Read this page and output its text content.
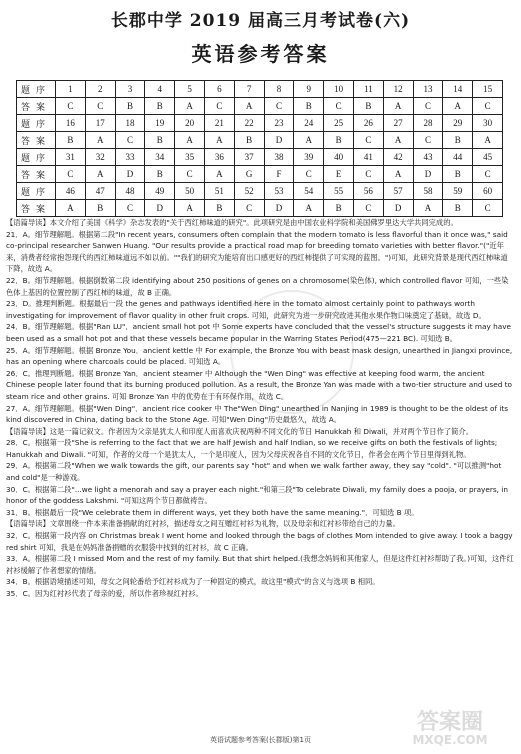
长郡中学 2019 届高三月考试卷(六)
英语参考答案
题序	1	2	3	4	5	6	7	8	9	10	11	12	13	14	15
答案	C	C	B	B	A	C	A	C	B	C	B	A	C	A	C
题序	16	17	18	19	20	21	22	23	24	25	26	27	28	29	30
答案	B	A	C	B	A	A	B	D	A	B	C	A	C	B	A
题序	31	32	33	34	35	36	37	38	39	40	41	42	43	44	45
答案	C	A	D	B	C	A	G	F	C	E	C	A	D	B	C
题序	46	47	48	49	50	51	52	53	54	55	56	57	58	59	60
答案	A	B	C	D	A	B	C	D	A	B	C	D	A	B	C

【语篇导读】本文介绍了美国《科学》杂志发表的"关于西红柿味道的研究"。此项研究是由中国农业科学院和美国佛罗里达大学共同完成的。

21．A。细节理解题。根据第二段"In recent years, consumers often complain that the modern tomato is less flavorful than it once was," said co-principal researcher Sanwen Huang. "Our results provide a practical road map for breeding tomato varieties with better flavor."("近年来，消费者经常抱怨现代的西红柿味道远不如以前。""我们的研究为能培育出口感更好的西红柿提供了可实现的蓝图。")可知，此研究背景是现代西红柿味道下降，故选 A。

22．B。细节理解题。根据倒数第二段 identifying about 250 positions of genes on a chromosome(染色体), which controlled flavor 可知，一些染色体上基因的位置控制了西红柿的味道，故 B 正确。

23．D。推理判断题。根据最后一段 the genes and pathways identified here in the tomato almost certainly point to pathways worth investigating for improvement of flavor quality in other fruit crops. 可知，此研究为进一步研究改进其他水果作物口味奠定了基础，故选 D。

24．B。细节理解题。根据"Ran LU"．ancient small hot pot 中 Some experts have concluded that the vessel's structure suggests it may have been used as a small hot pot and that these vessels became popular in the Warring States Period(475—221 BC). 可知选 B。

25．A。细节理解题。根据 Bronze You．ancient kettle 中 For example, the Bronze You with beast mask design, unearthed in Jiangxi province, has an opening where charcoals could be placed. 可知选 A。

26．C。推理判断题。根据 Bronze Yan．ancient steamer 中 Although the "Wen Ding" was effective at keeping food warm, the ancient Chinese people later found that its burning produced pollution. As a result, the Bronze Yan was made with a two-tier structure and used to steam rice and other grains. 可知 Bronze Yan 中的优势在于有环保作用，故选 C。

27．A。细节理解题。根据"Wen Ding"．ancient rice cooker 中 The"Wen Ding" unearthed in Nanjing in 1989 is thought to be the oldest of its kind discovered in China, dating back to the Stone Age. 可知"Wen Ding"历史最悠久，故选 A。

【语篇导读】这是一篇记叙文。作者因为父亲是犹太人和印度人而喜欢庆祝两种不同文化的节日 Hanukkah 和 Diwali，并对两个节日作了简介。

28．C。根据第一段"She is referring to the fact that we are half Jewish and half Indian, so we receive gifts on both the festivals of lights; Hanukkah and Diwali. "可知，作者的父母一个是犹太人，一个是印度人，因为父母庆祝各自不同的文化节日，作者会在两个节日里得到礼物。

29．A。根据第二段"When we walk towards the gift, our parents say "hot" and when we walk farther away, they say "cold". "可以推测"hot and cold"是一种游戏。

30．C。根据第二段"...we light a menorah and say a prayer each night."和第三段"To celebrate Diwali, my family does a pooja, or prayers, in honor of the goddess Lakshmi. "可知这两个节日都做祷告。

31．B。根据最后一段"We celebrate them in different ways, yet they both have the same meaning."．可知选 B 项。

【语篇导读】文章围绕一件本来准备捐献的红衬衫，描述母女之间互赠红衬衫为礼物，以及母亲和红衬衫带给自己的力量。

32．C。根据第一段内容 on Christmas break I went home and looked through the bags of clothes Mom intended to give away. I took a baggy red shirt 可知，我是在妈妈准备捐赠的衣服袋中找到的红衬衫，故 C 正确。

33．A。根据第二段 I missed Mom and the rest of my family. But that shirt helped.(我想念妈妈和其他家人，但是这件红衬衫帮助了我。)可知，这件红衬衫缓解了作者想家的情绪。

34．B。根据语境描述可知，母女之间轮番给予红衬衫成为了一种固定的模式，故这里"模式"的含义与选项 B 相同。

35．C。因为红衬衫代表了母亲的爱，所以作者珍视红衬衫。

英语试题参考答案(长郡版)第1页
答案圈
MXQE.COM
